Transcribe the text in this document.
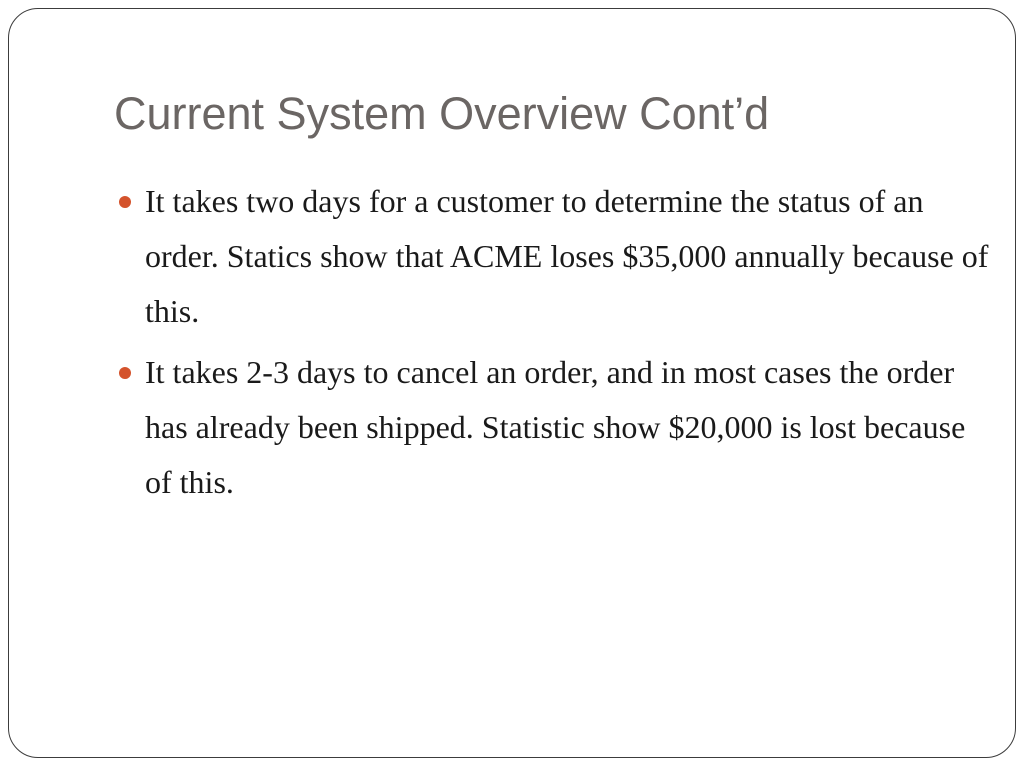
Current System Overview Cont’d
It takes two days for a customer to determine the status of an order. Statics show that ACME loses $35,000 annually because of this.
It takes 2-3 days to cancel an order, and in most cases the order has already been shipped. Statistic show $20,000 is lost because of this.
